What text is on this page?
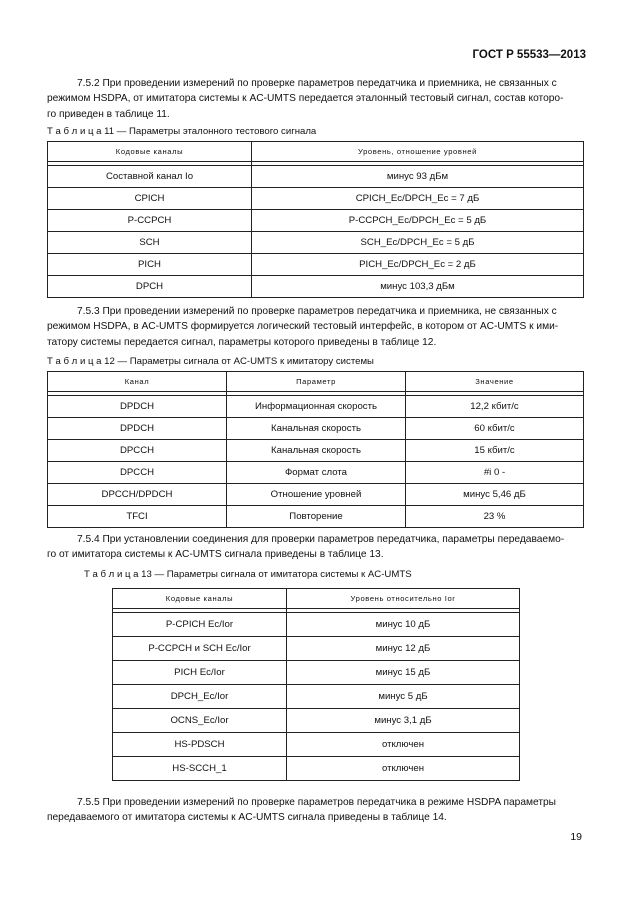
ГОСТ Р 55533—2013
7.5.2 При проведении измерений по проверке параметров передатчика и приемника, не связанных с
режимом HSDPA, от имитатора системы к AC-UMTS передается эталонный тестовый сигнал, состав которо-
го приведен в таблице 11.
Т а б л и ц а 11 — Параметры эталонного тестового сигнала
Кодовые каналы	Уровень, отношение уровней

Составной канал Io	минус 93 дБм
CPICH	CPICH_Ec/DPCH_Ec = 7 дБ
P-CCPCH	P-CCPCH_Ec/DPCH_Ec = 5 дБ
SCH	SCH_Ec/DPCH_Ec = 5 дБ
PICH	PICH_Ec/DPCH_Ec = 2 дБ
DPCH	минус 103,3 дБм
7.5.3 При проведении измерений по проверке параметров передатчика и приемника, не связанных с
режимом HSDPA, в AC-UMTS формируется логический тестовый интерфейс, в котором от AC-UMTS к ими-
татору системы передается сигнал, параметры которого приведены в таблице 12.
Т а б л и ц а 12 — Параметры сигнала от AC-UMTS к имитатору системы
Канал	Параметр	Значение

DPDCH	Информационная скорость	12,2 кбит/с
DPDCH	Канальная скорость	60 кбит/с
DPCCH	Канальная скорость	15 кбит/с
DPCCH	Формат слота	#i 0 -
DPCCH/DPDCH	Отношение уровней	минус 5,46 дБ
TFCI	Повторение	23 %
7.5.4 При установлении соединения для проверки параметров передатчика, параметры передаваемо-
го от имитатора системы к AC-UMTS сигнала приведены в таблице 13.
Т а б л и ц а 13 — Параметры сигнала от имитатора системы к AC-UMTS
Кодовые каналы	Уровень относительно Ior

P-CPICH Ec/Ior	минус 10 дБ
P-CCPCH и SCH Ec/Ior	минус 12 дБ
PICH Ec/Ior	минус 15 дБ
DPCH_Ec/Ior	минус 5 дБ
OCNS_Ec/Ior	минус 3,1 дБ
HS-PDSCH	отключен
HS-SCCH_1	отключен
7.5.5 При проведении измерений по проверке параметров передатчика в режиме HSDPA параметры
передаваемого от имитатора системы к AC-UMTS сигнала приведены в таблице 14.
19
